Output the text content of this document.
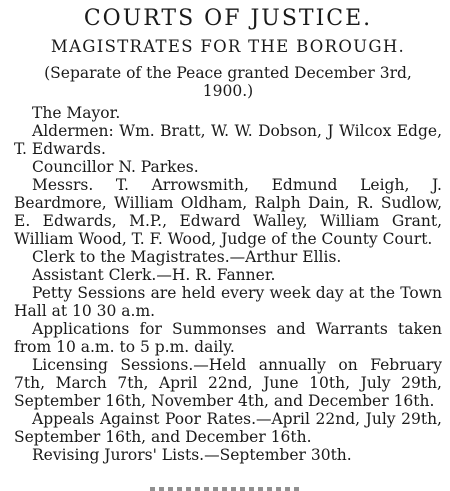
COURTS OF JUSTICE.
MAGISTRATES FOR THE BOROUGH.

(Separate of the Peace granted December 3rd, 1900.)

The Mayor.

Aldermen: Wm. Bratt, W. W. Dobson, J Wilcox Edge, T. Edwards.

Councillor N. Parkes.

Messrs. T. Arrowsmith, Edmund Leigh, J. Beardmore, William Oldham, Ralph Dain, R. Sudlow, E. Edwards, M.P., Edward Walley, William Grant, William Wood, T. F. Wood, Judge of the County Court.

Clerk to the Magistrates.—Arthur Ellis.

Assistant Clerk.—H. R. Fanner.

Petty Sessions are held every week day at the Town Hall at 10 30 a.m.

Applications for Summonses and Warrants taken from 10 a.m. to 5 p.m. daily.

Licensing Sessions.—Held annually on February 7th, March 7th, April 22nd, June 10th, July 29th, September 16th, November 4th, and December 16th.

Appeals Against Poor Rates.—April 22nd, July 29th, September 16th, and December 16th.

Revising Jurors' Lists.—September 30th.
